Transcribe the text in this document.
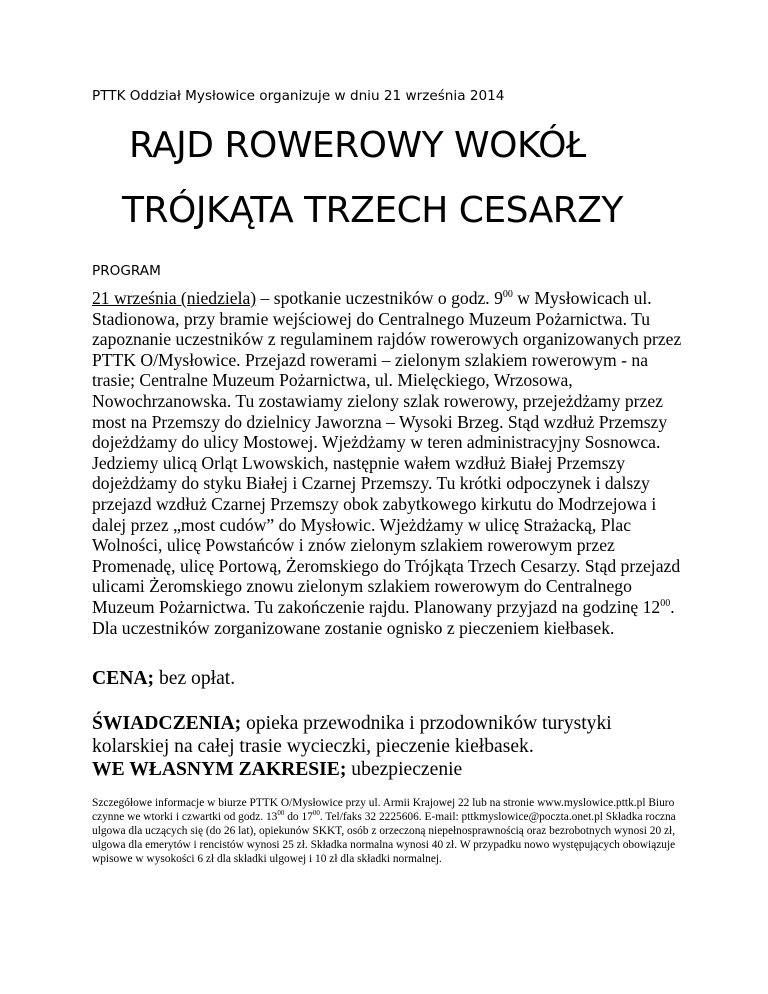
PTTK Oddział Mysłowice organizuje w dniu 21 września 2014
RAJD ROWEROWY WOKÓŁ
TRÓJKĄTA TRZECH CESARZY
PROGRAM

21 września (niedziela) – spotkanie uczestników o godz. $9^{00}$ w Mysłowicach ul. Stadionowa, przy bramie wejściowej do Centralnego Muzeum Pożarnictwa. Tu zapoznanie uczestników z regulaminem rajdów rowerowych organizowanych przez PTTK O/Mysłowice. Przejazd rowerami – zielonym szlakiem rowerowym - na trasie; Centralne Muzeum Pożarnictwa, ul. Mielęckiego, Wrzosowa, Nowochrzanowska. Tu zostawiamy zielony szlak rowerowy, przejeżdżamy przez most na Przemszy do dzielnicy Jaworzna – Wysoki Brzeg. Stąd wzdłuż Przemszy dojeżdżamy do ulicy Mostowej. Wjeżdżamy w teren administracyjny Sosnowca. Jedziemy ulicą Orląt Lwowskich, następnie wałem wzdłuż Białej Przemszy dojeżdżamy do styku Białej i Czarnej Przemszy. Tu krótki odpoczynek i dalszy przejazd wzdłuż Czarnej Przemszy obok zabytkowego kirkutu do Modrzejowa i dalej przez „most cudów” do Mysłowic. Wjeżdżamy w ulicę Strażacką, Plac Wolności, ulicę Powstańców i znów zielonym szlakiem rowerowym przez Promenadę, ulicę Portową, Żeromskiego do Trójkąta Trzech Cesarzy. Stąd przejazd ulicami Żeromskiego znowu zielonym szlakiem rowerowym do Centralnego Muzeum Pożarnictwa. Tu zakończenie rajdu. Planowany przyjazd na godzinę $12^{00}$.

Dla uczestników zorganizowane zostanie ognisko z pieczeniem kiełbasek.

CENA; bez opłat.

ŚWIADCZENIA; opieka przewodnika i przodowników turystyki kolarskiej na całej trasie wycieczki, pieczenie kiełbasek.

WE WŁASNYM ZAKRESIE; ubezpieczenie

Szczegółowe informacje w biurze PTTK O/Mysłowice przy ul. Armii Krajowej 22 lub na stronie www.myslowice.pttk.pl Biuro czynne we wtorki i czwartki od godz. $13^{00}$ do $17^{00}$. Tel/faks 32 2225606. E-mail: pttkmyslowice@poczta.onet.pl Składka roczna ulgowa dla uczących się (do 26 lat), opiekunów SKKT, osób z orzeczoną niepełnosprawnością oraz bezrobotnych wynosi 20 zł, ulgowa dla emerytów i rencistów wynosi 25 zł. Składka normalna wynosi 40 zł. W przypadku nowo występujących obowiązuje wpisowe w wysokości 6 zł dla składki ulgowej i 10 zł dla składki normalnej.
